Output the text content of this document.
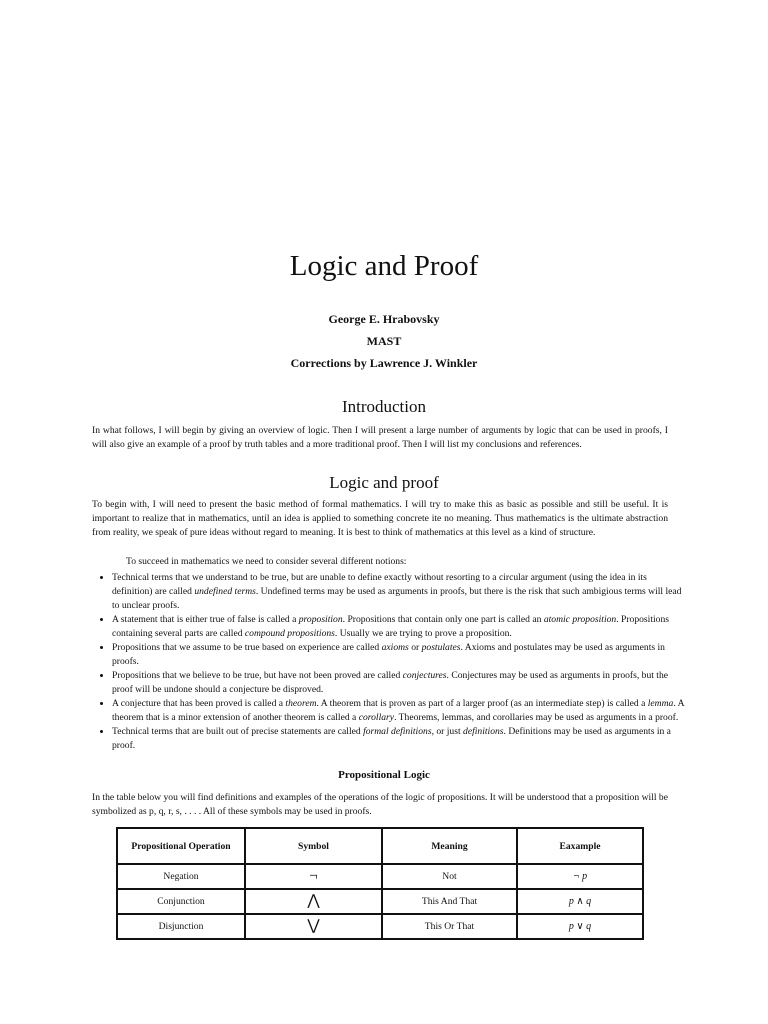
Logic and Proof
George E. Hrabovsky
MAST
Corrections by Lawrence J. Winkler
Introduction

In what follows, I will begin by giving an overview of logic. Then I will present a large number of arguments by logic that can be used in proofs, I will also give an example of a proof by truth tables and a more traditional proof. Then I will list my conclusions and references.

Logic and proof

To begin with, I will need to present the basic method of formal mathematics. I will try to make this as basic as possible and still be useful. It is important to realize that in mathematics, until an idea is applied to something concrete ite no meaning. Thus mathematics is the ultimate abstraction from reality, we speak of pure ideas without regard to meaning. It is best to think of mathematics at this level as a kind of structure.

To succeed in mathematics we need to consider several different notions:

• Technical terms that we understand to be true, but are unable to define exactly without resorting to a circular argument (using the idea in its definition) are called undefined terms. Undefined terms may be used as arguments in proofs, but there is the risk that such ambigious terms will lead to unclear proofs.
• A statement that is either true of false is called a proposition. Propositions that contain only one part is called an atomic proposition. Propositions containing several parts are called compound propositions. Usually we are trying to prove a proposition.
• Propositions that we assume to be true based on experience are called axioms or postulates. Axioms and postulates may be used as arguments in proofs.
• Propositions that we believe to be true, but have not been proved are called conjectures. Conjectures may be used as arguments in proofs, but the proof will be undone should a conjecture be disproved.
• A conjecture that has been proved is called a theorem. A theorem that is proven as part of a larger proof (as an intermediate step) is called a lemma. A theorem that is a minor extension of another theorem is called a corollary. Theorems, lemmas, and corollaries may be used as arguments in a proof.
• Technical terms that are built out of precise statements are called formal definitions, or just definitions. Definitions may be used as arguments in a proof.
Propositional Logic

In the table below you will find definitions and examples of the operations of the logic of propositions. It will be understood that a proposition will be symbolized as p, q, r, s, . . . . All of these symbols may be used in proofs.

Propositional Operation	Symbol	Meaning	Eaxample
Negation	¬	Not	¬ p
Conjunction	⋀	This And That	p ∧ q
Disjunction	⋁	This Or That	p ∨ q
